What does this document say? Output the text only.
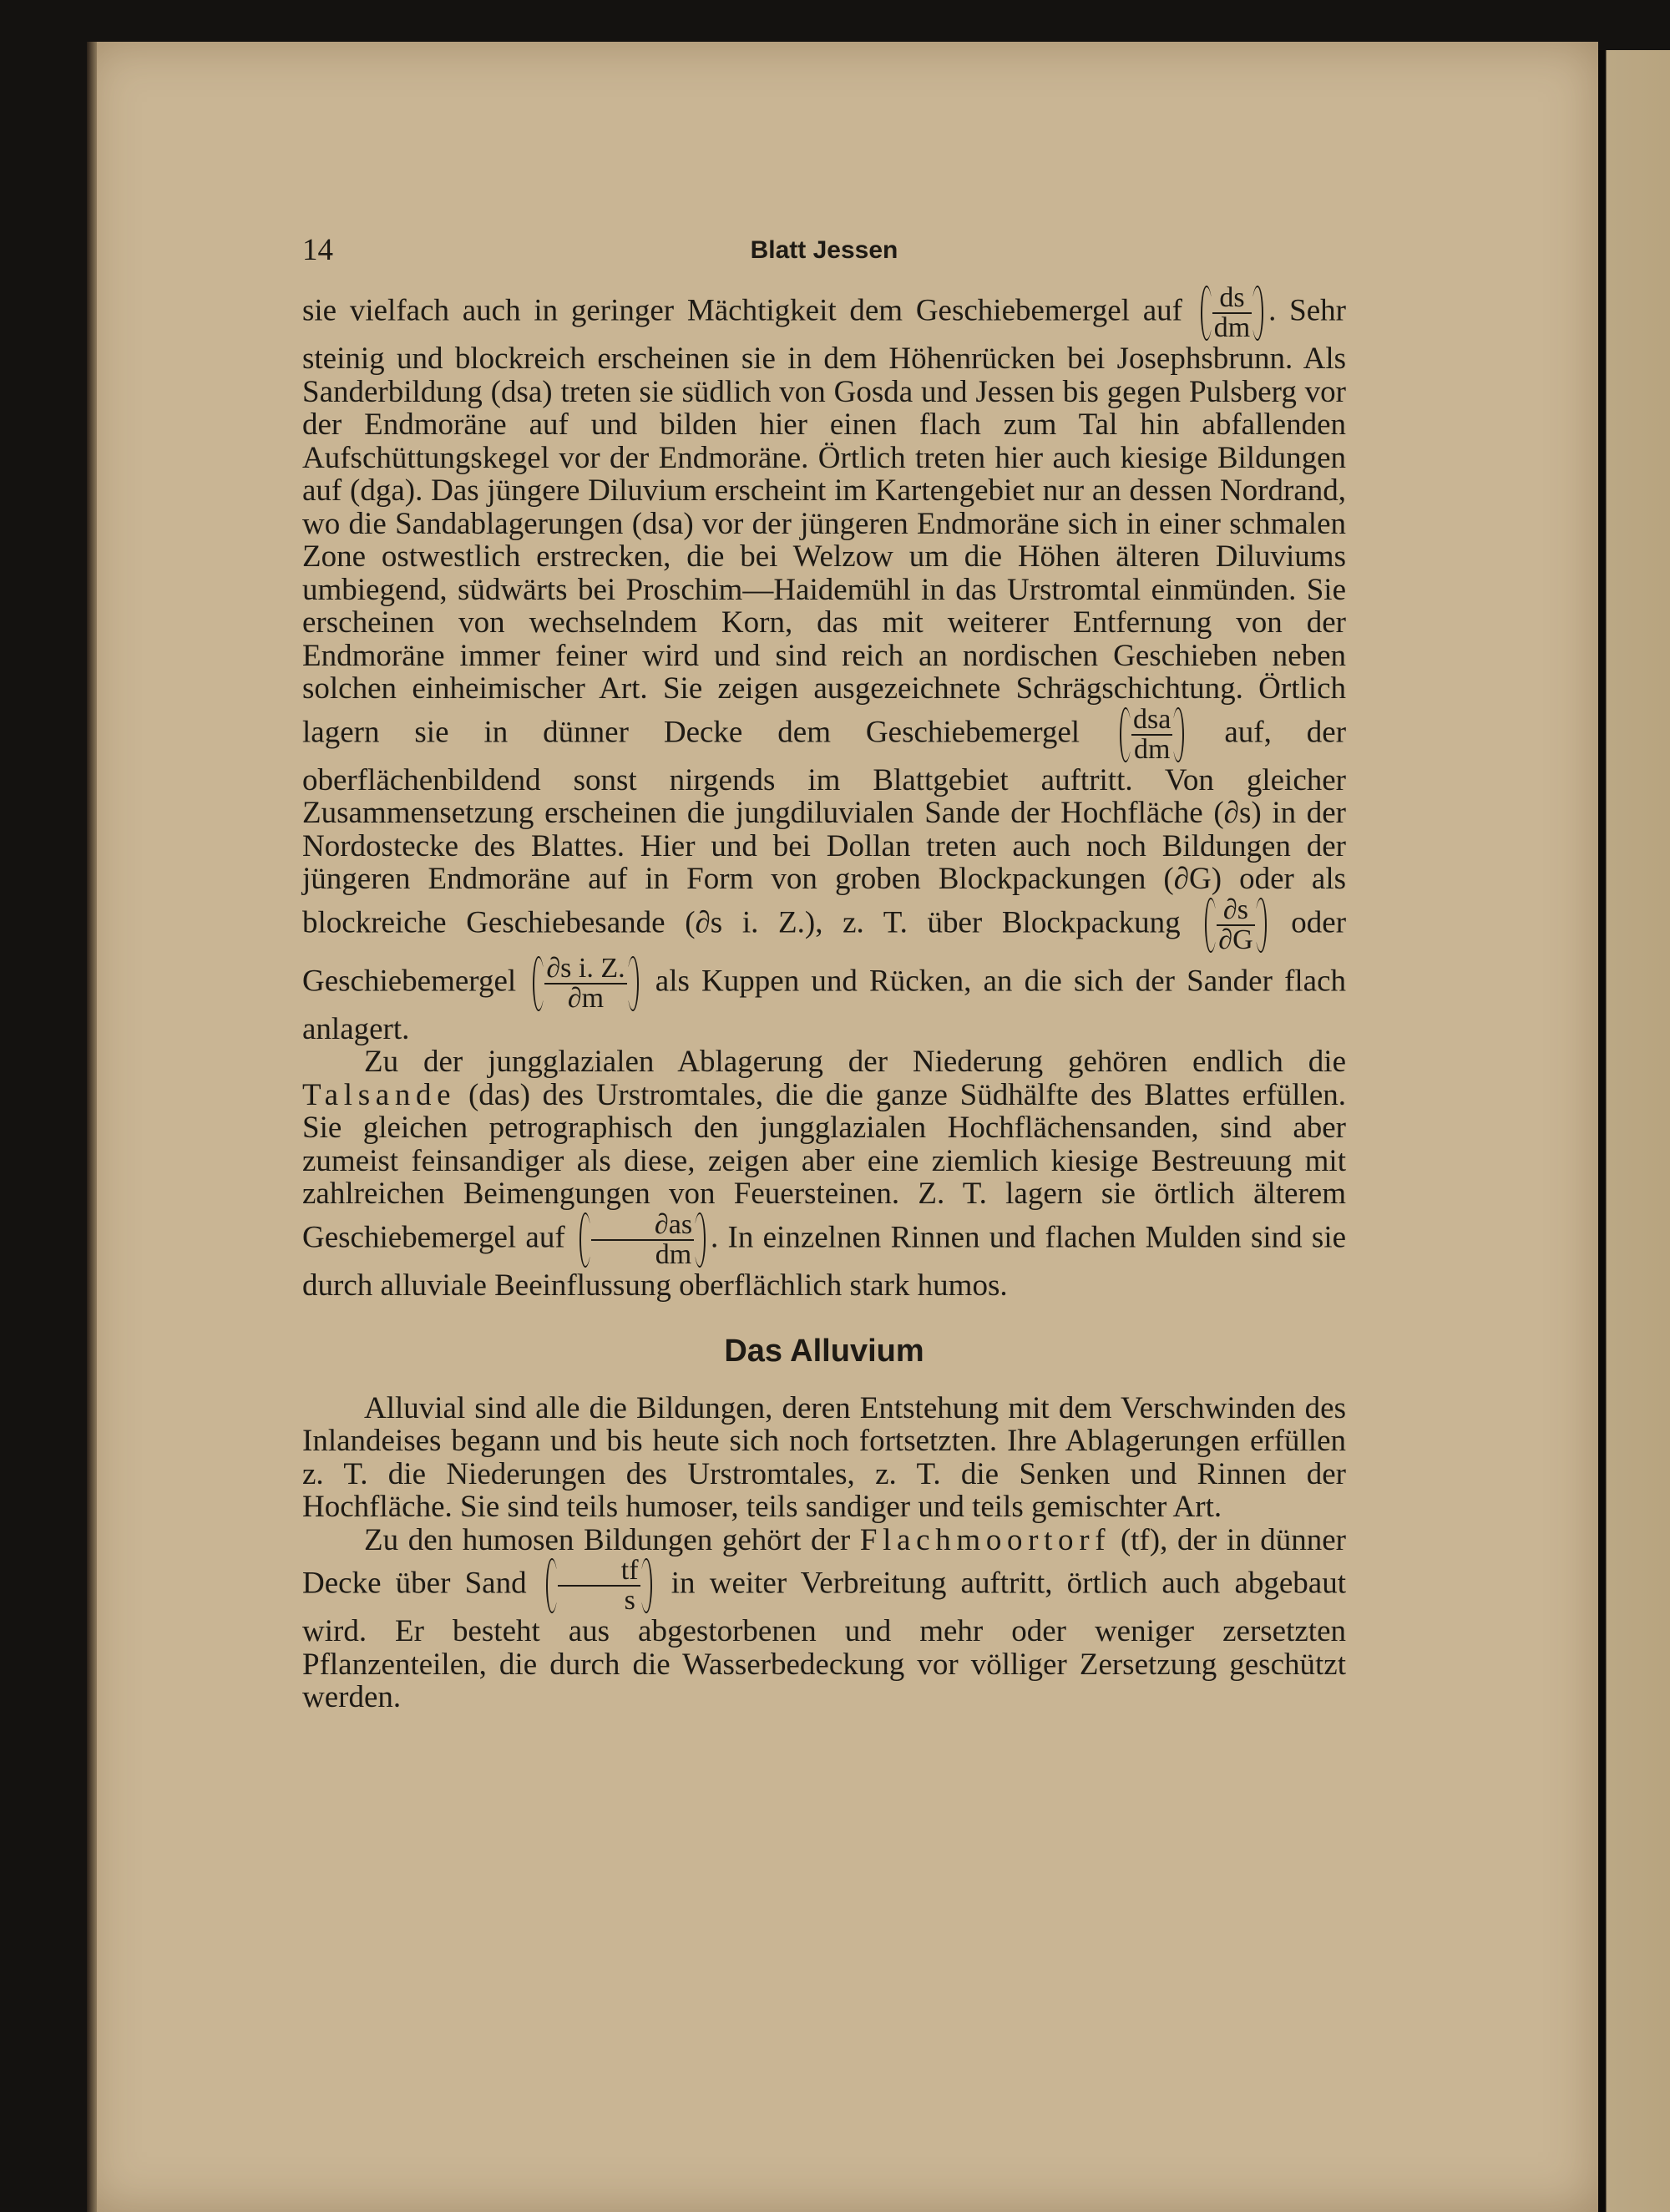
14	Blatt Jessen

sie vielfach auch in geringer Mächtigkeit dem Geschiebemergel auf $\frac{ds}{dm}$ . Sehr steinig und blockreich erscheinen sie in dem Höhenrücken bei Josephsbrunn. Als Sanderbildung (dsa) treten sie südlich von Gosda und Jessen bis gegen Pulsberg vor der Endmoräne auf und bilden hier einen flach zum Tal hin abfallenden Aufschüttungskegel vor der Endmoräne. Örtlich treten hier auch kiesige Bildungen auf (dga). Das jüngere Diluvium erscheint im Kartengebiet nur an dessen Nordrand, wo die Sandablagerungen (dsa) vor der jüngeren Endmoräne sich in einer schmalen Zone ostwestlich erstrecken, die bei Welzow um die Höhen älteren Diluviums umbiegend, südwärts bei Proschim—Haidemühl in das Urstromtal einmünden. Sie erscheinen von wechselndem Korn, das mit weiterer Entfernung von der Endmoräne immer feiner wird und sind reich an nordischen Geschieben neben solchen einheimischer Art. Sie zeigen ausgezeichnete Schrägschichtung. Örtlich lagern sie in dünner Decke dem Geschiebemergel $\frac{\text{dsa}}{dm}$ auf, der oberflächenbildend sonst nirgends im Blattgebiet auftritt. Von gleicher Zusammensetzung erscheinen die jungdiluvialen Sande der Hochfläche (∂s) in der Nordostecke des Blattes. Hier und bei Dollan treten auch noch Bildungen der jüngeren Endmoräne auf in Form von groben Blockpackungen (∂G) oder als blockreiche Geschiebesande (∂s i. Z.), z. T. über Blockpackung $\frac{\partial s}{\partial G}$ oder Geschiebemergel $\frac{\text{∂s i. Z.}}{\partial m}$ als Kuppen und Rücken, an die sich der Sander flach anlagert.

Zu der jungglazialen Ablagerung der Niederung gehören endlich die Talsande (das) des Urstromtales, die die ganze Südhälfte des Blattes erfüllen. Sie gleichen petrographisch den jungglazialen Hochflächensanden, sind aber zumeist feinsandiger als diese, zeigen aber eine ziemlich kiesige Bestreuung mit zahlreichen Beimengungen von Feuersteinen. Z. T. lagern sie örtlich älterem Geschiebemergel auf $\frac{\partial as}{dm}$ . In einzelnen Rinnen und flachen Mulden sind sie durch alluviale Beeinflussung oberflächlich stark humos.

Das Alluvium

Alluvial sind alle die Bildungen, deren Entstehung mit dem Verschwinden des Inlandeises begann und bis heute sich noch fortsetzten. Ihre Ablagerungen erfüllen z. T. die Niederungen des Urstromtales, z. T. die Senken und Rinnen der Hochfläche. Sie sind teils humoser, teils sandiger und teils gemischter Art.

Zu den humosen Bildungen gehört der Flachmoortorf (tf), der in dünner Decke über Sand $\frac{tf}{s}$ in weiter Verbreitung auftritt, örtlich auch abgebaut wird. Er besteht aus abgestorbenen und mehr oder weniger zersetzten Pflanzenteilen, die durch die Wasserbedeckung vor völliger Zersetzung geschützt werden.
